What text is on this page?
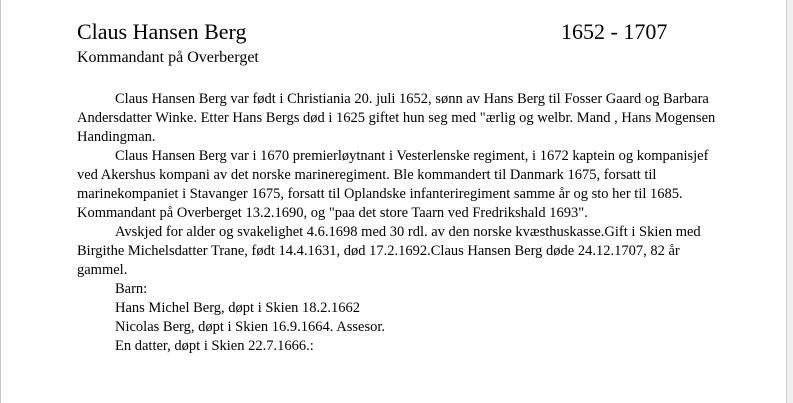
Claus Hansen Berg	1652 - 1707
Kommandant på Overberget

Claus Hansen Berg var født i Christiania 20. juli 1652, sønn av Hans Berg til Fosser Gaard og Barbara Andersdatter Winke. Etter Hans Bergs død i 1625 giftet hun seg med "ærlig og welbr. Mand , Hans Mogensen Handingman.

Claus Hansen Berg var i 1670 premierløytnant i Vesterlenske regiment, i 1672 kaptein og kompanisjef ved Akershus kompani av det norske marineregiment. Ble kommandert til Danmark 1675, forsatt til marinekompaniet i Stavanger 1675, forsatt til Oplandske infanteriregiment samme år og sto her til 1685. Kommandant på Overberget 13.2.1690, og "paa det store Taarn ved Fredrikshald 1693".

Avskjed for alder og svakelighet 4.6.1698 med 30 rdl. av den norske kvæsthuskasse.Gift i Skien med Birgithe Michelsdatter Trane, født 14.4.1631, død 17.2.1692.Claus Hansen Berg døde 24.12.1707, 82 år gammel.

Barn:

Hans Michel Berg, døpt i Skien 18.2.1662

Nicolas Berg, døpt i Skien 16.9.1664. Assesor.

En datter, døpt i Skien 22.7.1666.:
